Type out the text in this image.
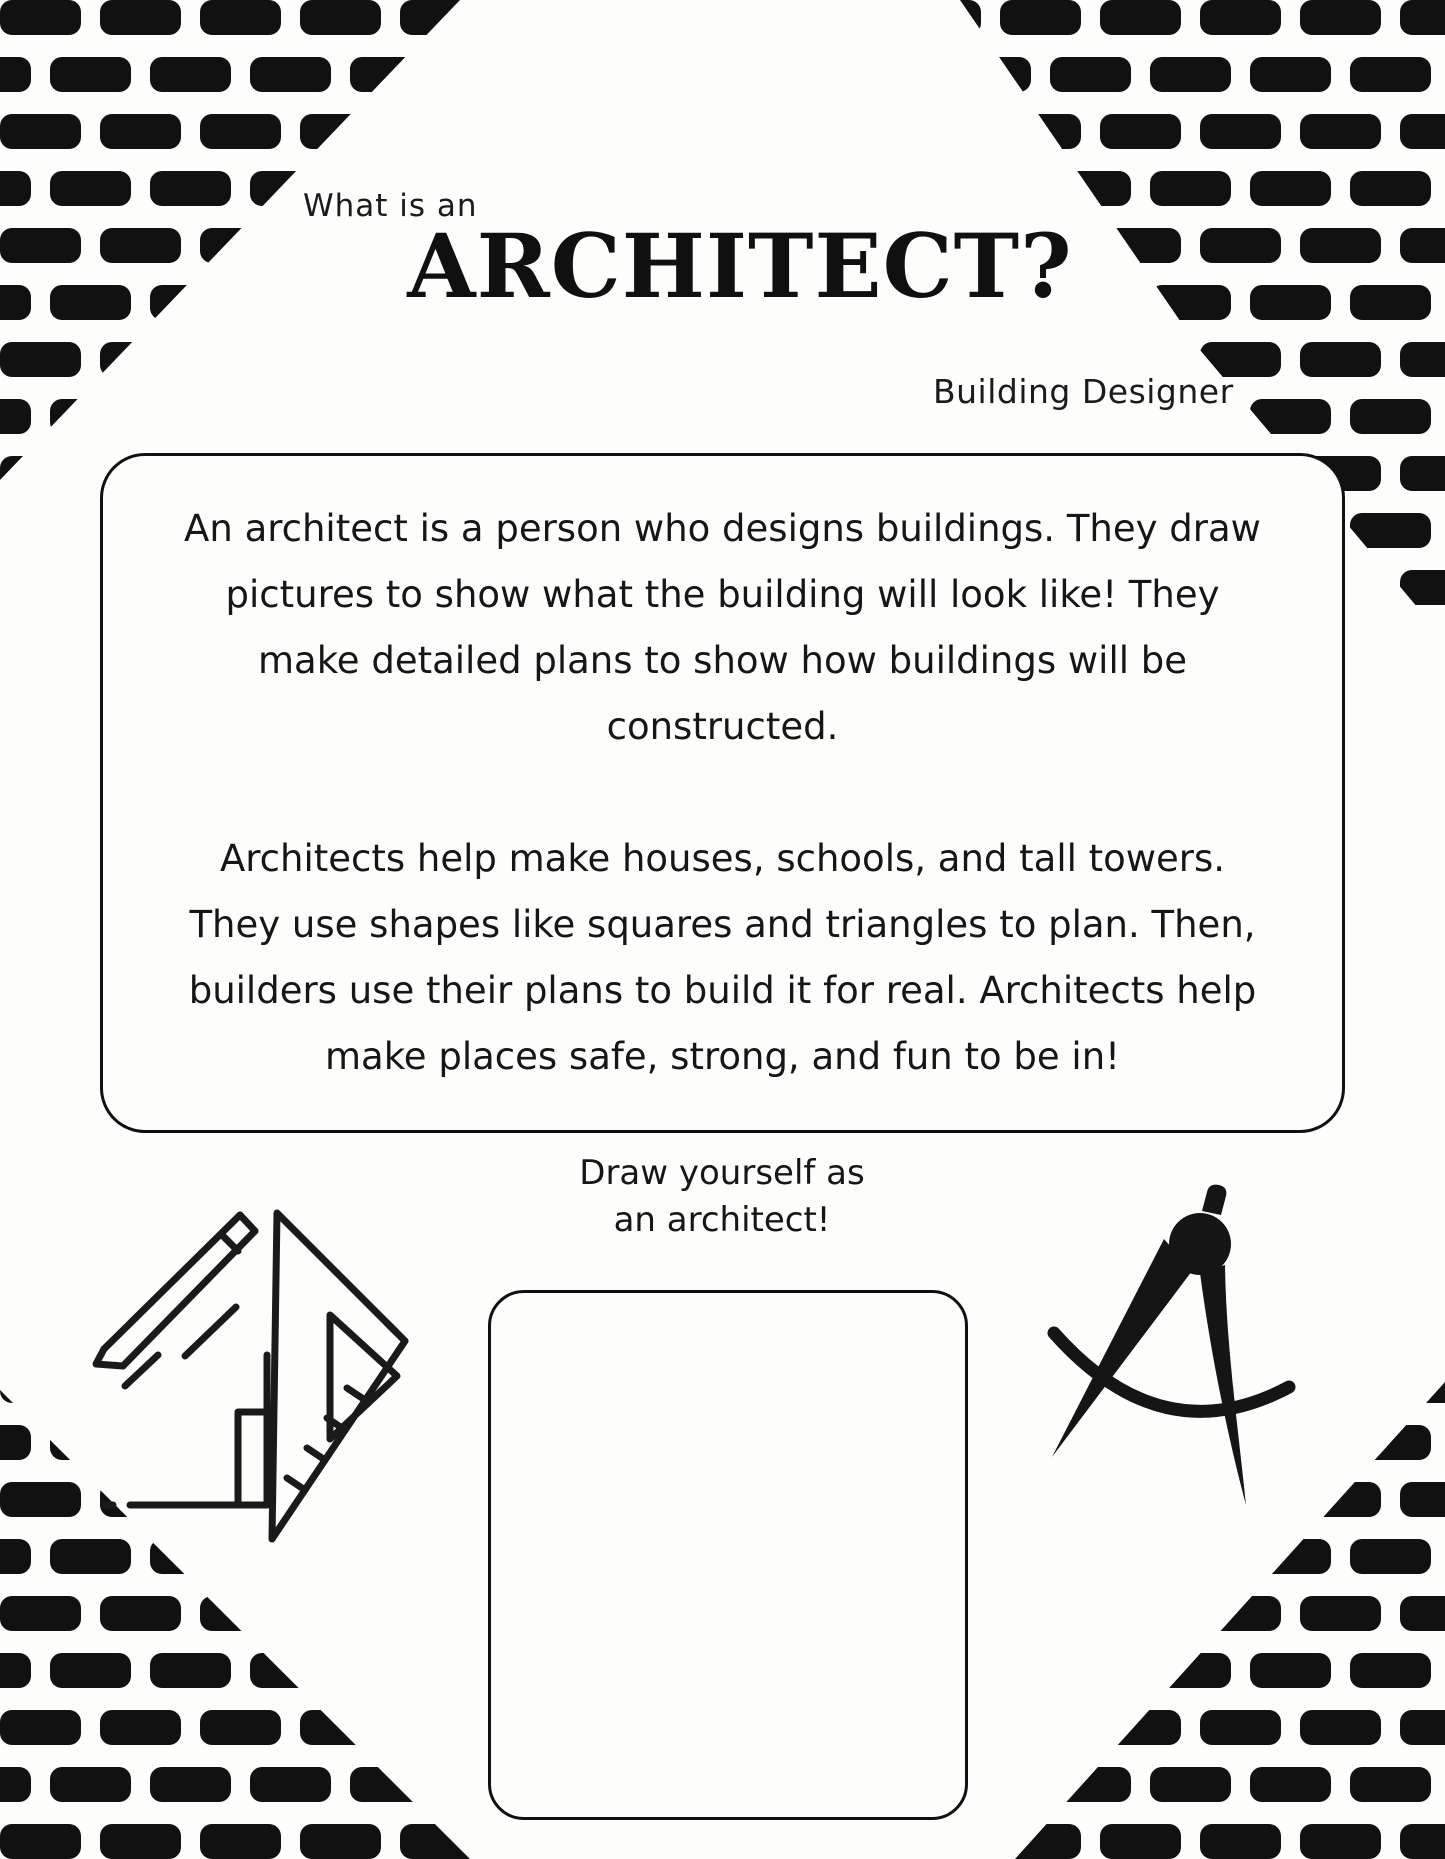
What is an
ARCHITECT?
Building Designer
An architect is a person who designs buildings. They draw
pictures to show what the building will look like! They
make detailed plans to show how buildings will be
constructed.
Architects help make houses, schools, and tall towers.
They use shapes like squares and triangles to plan. Then,
builders use their plans to build it for real. Architects help
make places safe, strong, and fun to be in!
Draw yourself as
an architect!
